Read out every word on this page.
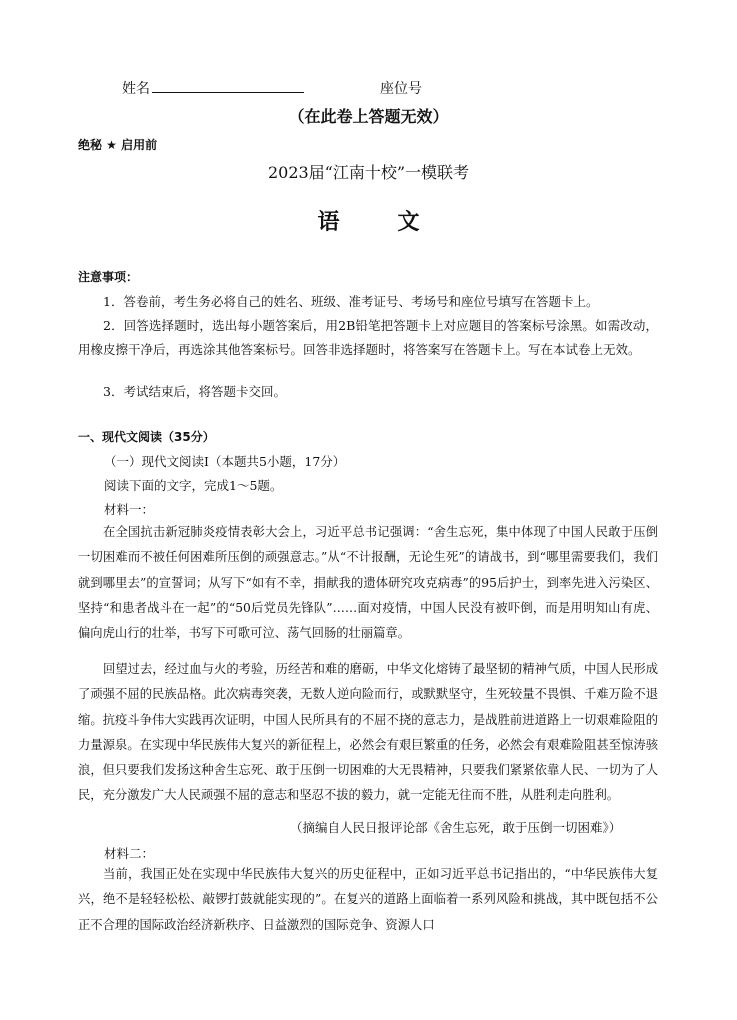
姓名	座位号
（在此卷上答题无效）
绝秘 ★ 启用前
2023届“江南十校”一模联考
语文
注意事项：
1．答卷前，考生务必将自己的姓名、班级、准考证号、考场号和座位号填写在答题卡上。
2．回答选择题时，选出每小题答案后，用2B铅笔把答题卡上对应题目的答案标号涂黑。如需改动，用橡皮擦干净后，再选涂其他答案标号。回答非选择题时，将答案写在答题卡上。写在本试卷上无效。
3．考试结束后，将答题卡交回。
一、现代文阅读（35分）
（一）现代文阅读Ⅰ（本题共5小题，17分）
阅读下面的文字，完成1～5题。
材料一：
在全国抗击新冠肺炎疫情表彰大会上，习近平总书记强调：“舍生忘死，集中体现了中国人民敢于压倒一切困难而不被任何困难所压倒的顽强意志。”从“不计报酬，无论生死”的请战书，到“哪里需要我们，我们就到哪里去”的宣誓词；从写下“如有不幸，捐献我的遗体研究攻克病毒”的95后护士，到率先进入污染区、坚持“和患者战斗在一起”的“50后党员先锋队”……面对疫情，中国人民没有被吓倒，而是用明知山有虎、偏向虎山行的壮举，书写下可歌可泣、荡气回肠的壮丽篇章。
回望过去，经过血与火的考验，历经苦和难的磨砺，中华文化熔铸了最坚韧的精神气质，中国人民形成了顽强不屈的民族品格。此次病毒突袭，无数人逆向险而行，或默默坚守，生死较量不畏惧、千难万险不退缩。抗疫斗争伟大实践再次证明，中国人民所具有的不屈不挠的意志力，是战胜前进道路上一切艰难险阻的力量源泉。在实现中华民族伟大复兴的新征程上，必然会有艰巨繁重的任务，必然会有艰难险阻甚至惊涛骇浪，但只要我们发扬这种舍生忘死、敢于压倒一切困难的大无畏精神，只要我们紧紧依靠人民、一切为了人民，充分激发广大人民顽强不屈的意志和坚忍不拔的毅力，就一定能无往而不胜，从胜利走向胜利。
（摘编自人民日报评论部《舍生忘死，敢于压倒一切困难》）
材料二：
当前，我国正处在实现中华民族伟大复兴的历史征程中，正如习近平总书记指出的，“中华民族伟大复兴，绝不是轻轻松松、敲锣打鼓就能实现的”。在复兴的道路上面临着一系列风险和挑战，其中既包括不公正不合理的国际政治经济新秩序、日益激烈的国际竞争、资源人口
